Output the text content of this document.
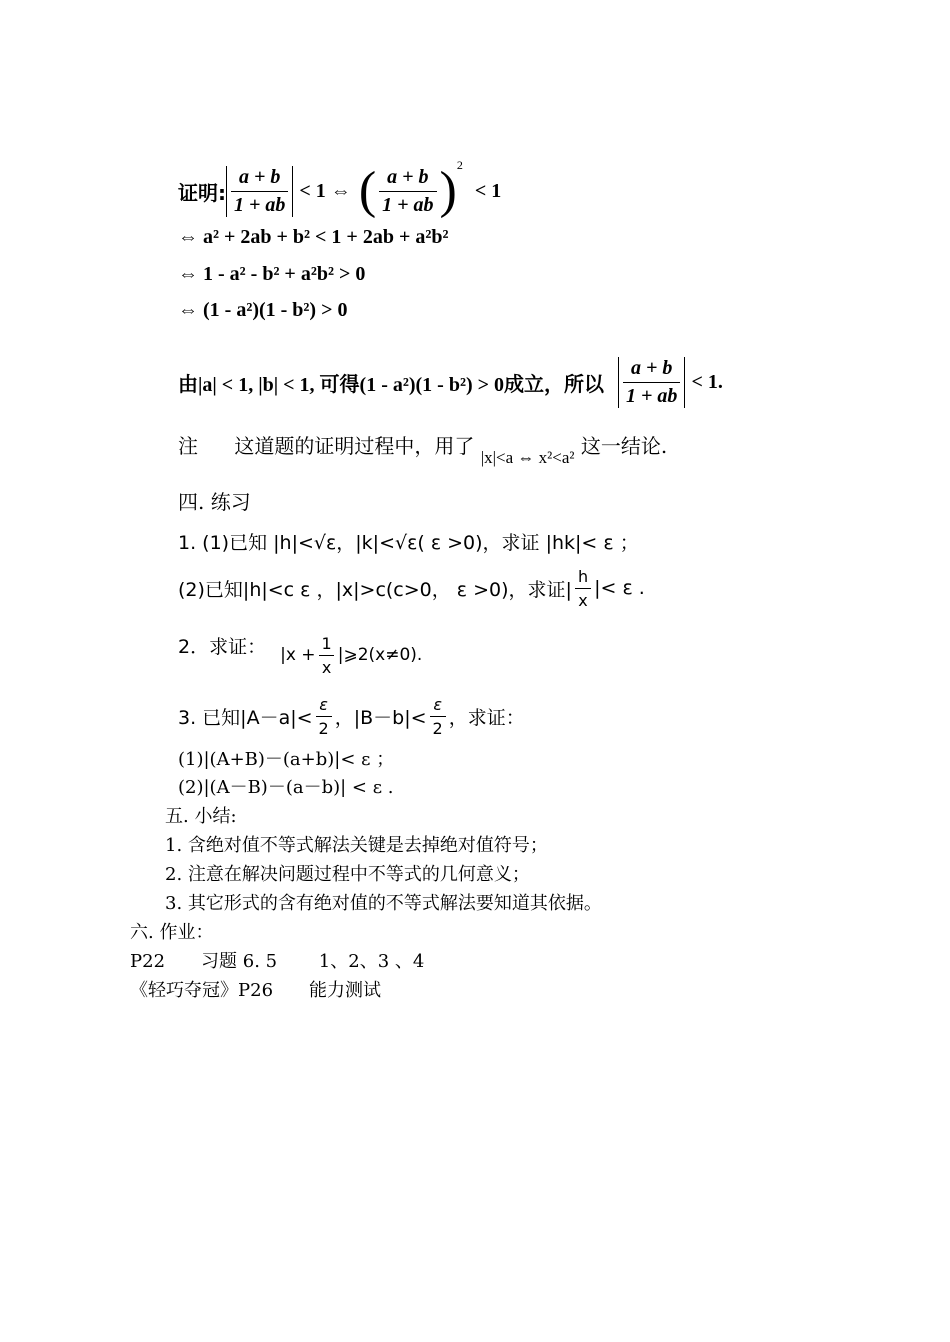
证明: $\frac{a + b}{1 + ab} < 1$ ⇔ ( $\frac{a + b}{1 + ab}$ ) 2
< 1
⇔ a² + 2ab + b² < 1 + 2ab + a²b²
⇔ 1 - a² - b² + a²b² > 0
⇔ (1 - a²)(1 - b²) > 0
由|a| < 1, |b| < 1, 可得 (1 - a²)(1 - b²) > 0成立，所以 $\frac{a + b}{1 + ab} < 1$.
注 这道题的证明过程中，用了 $_{|x|<a \Leftrightarrow x^2<a^2}$ 这一结论.
四. 练习
1. (1)已知 |h|<√ε，|k|<√ε( ε >0)，求证 |hk|< ε ；
(2)已知|h|<c ε ，|x|>c(c>0， ε >0)，求证| $\frac{h}{x}$ |< ε .
2．求证： $|x + \frac{1}{x}$ |⩾2(x≠0).
3. 已知$|A-a|< \frac{\varepsilon}{2}$ ，$|B-b|< \frac{\varepsilon}{2}$ ，求证：
(1)|(A+B)－(a+b)|< ε ；
(2)|(A－B)－(a－b)| < ε .
五. 小结:
1. 含绝对值不等式解法关键是去掉绝对值符号；
2. 注意在解决问题过程中不等式的几何意义；
3. 其它形式的含有绝对值的不等式解法要知道其依据。
六. 作业：
P22　　习题 6. 5　　 1、2、3 、4
《轻巧夺冠》P26　　能力测试
